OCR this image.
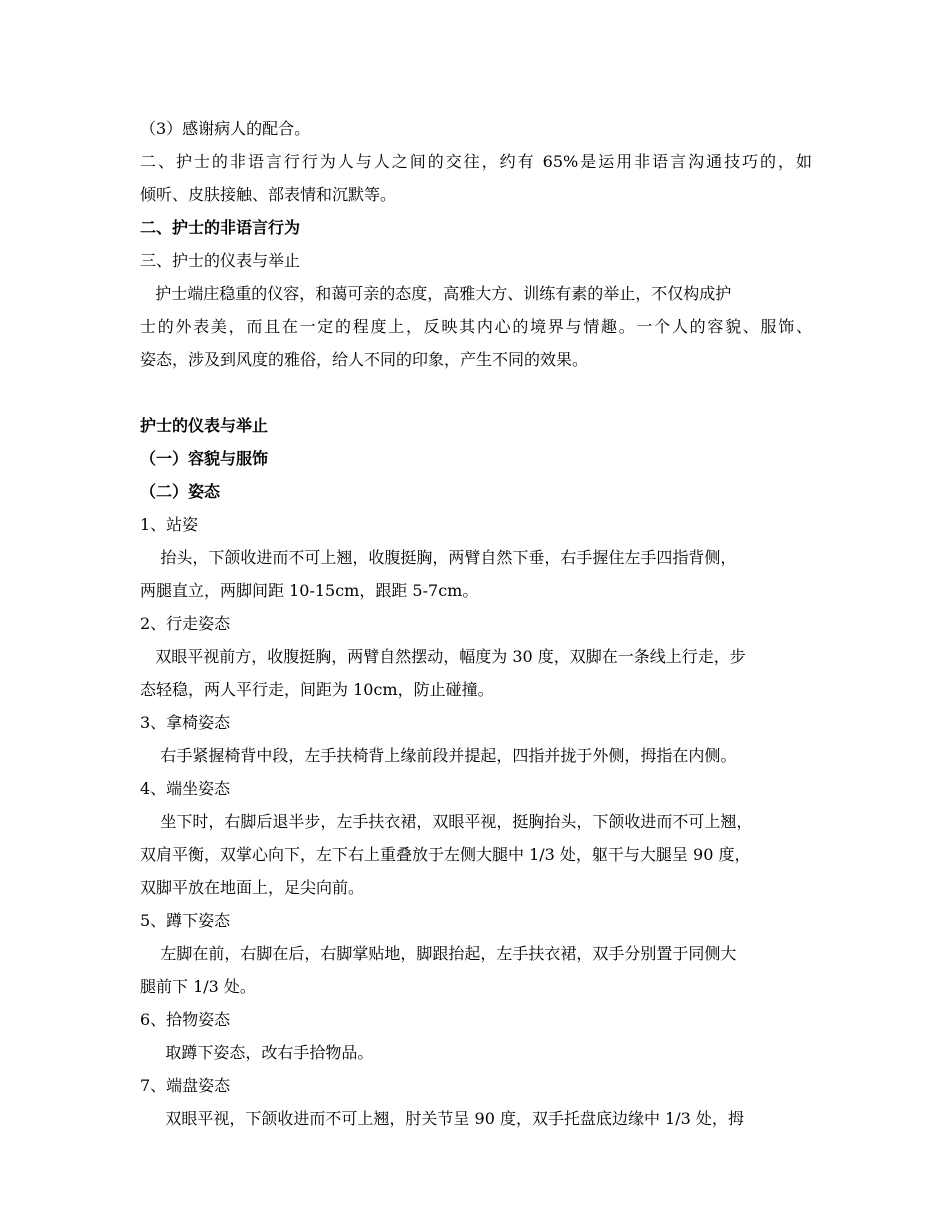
（3）感谢病人的配合。

二、护士的非语言行行为人与人之间的交往，约有 65%是运用非语言沟通技巧的，如

倾听、皮肤接触、部表情和沉默等。

二、护士的非语言行为

三、护士的仪表与举止

护士端庄稳重的仪容，和蔼可亲的态度，高雅大方、训练有素的举止，不仅构成护

士的外表美，而且在一定的程度上，反映其内心的境界与情趣。一个人的容貌、服饰、

姿态，涉及到风度的雅俗，给人不同的印象，产生不同的效果。

护士的仪表与举止

（一）容貌与服饰

（二）姿态

1、站姿

抬头，下颌收进而不可上翘，收腹挺胸，两臂自然下垂，右手握住左手四指背侧，

两腿直立，两脚间距 10-15cm，跟距 5-7cm。

2、行走姿态

双眼平视前方，收腹挺胸，两臂自然摆动，幅度为 30 度，双脚在一条线上行走，步

态轻稳，两人平行走，间距为 10cm，防止碰撞。

3、拿椅姿态

右手紧握椅背中段，左手扶椅背上缘前段并提起，四指并拢于外侧，拇指在内侧。

4、端坐姿态

坐下时，右脚后退半步，左手扶衣裙，双眼平视，挺胸抬头，下颌收进而不可上翘，

双肩平衡，双掌心向下，左下右上重叠放于左侧大腿中 1/3 处，躯干与大腿呈 90 度，

双脚平放在地面上，足尖向前。

5、蹲下姿态

左脚在前，右脚在后，右脚掌贴地，脚跟抬起，左手扶衣裙，双手分别置于同侧大

腿前下 1/3 处。

6、拾物姿态

取蹲下姿态，改右手拾物品。

7、端盘姿态

双眼平视，下颌收进而不可上翘，肘关节呈 90 度，双手托盘底边缘中 1/3 处，拇
